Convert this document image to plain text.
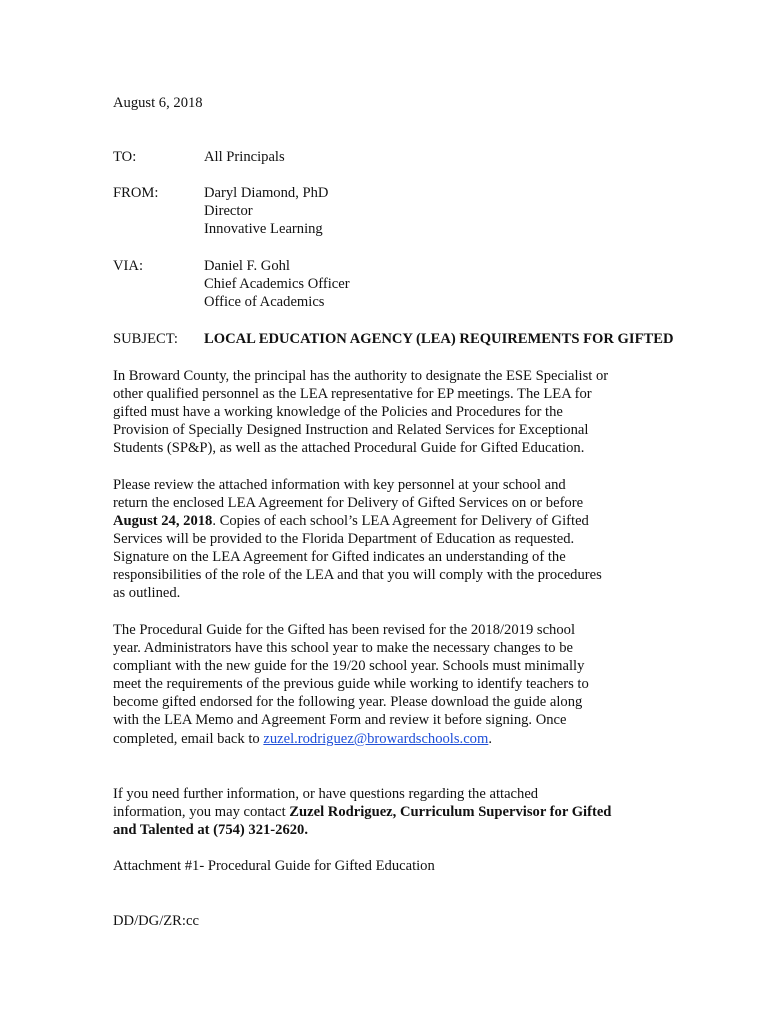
August 6, 2018
TO:	All Principals
FROM:	Daryl Diamond, PhD
Director
Innovative Learning
VIA:	Daniel F. Gohl
Chief Academics Officer
Office of Academics
SUBJECT: LOCAL EDUCATION AGENCY (LEA) REQUIREMENTS FOR GIFTED
In Broward County, the principal has the authority to designate the ESE Specialist or
other qualified personnel as the LEA representative for EP meetings. The LEA for
gifted must have a working knowledge of the Policies and Procedures for the
Provision of Specially Designed Instruction and Related Services for Exceptional
Students (SP&P), as well as the attached Procedural Guide for Gifted Education.
Please review the attached information with key personnel at your school and
return the enclosed LEA Agreement for Delivery of Gifted Services on or before
August 24, 2018. Copies of each school’s LEA Agreement for Delivery of Gifted
Services will be provided to the Florida Department of Education as requested.
Signature on the LEA Agreement for Gifted indicates an understanding of the
responsibilities of the role of the LEA and that you will comply with the procedures
as outlined.
The Procedural Guide for the Gifted has been revised for the 2018/2019 school
year. Administrators have this school year to make the necessary changes to be
compliant with the new guide for the 19/20 school year. Schools must minimally
meet the requirements of the previous guide while working to identify teachers to
become gifted endorsed for the following year. Please download the guide along
with the LEA Memo and Agreement Form and review it before signing. Once
completed, email back to zuzel.rodriguez@browardschools.com.
If you need further information, or have questions regarding the attached
information, you may contact Zuzel Rodriguez, Curriculum Supervisor for Gifted
and Talented at (754) 321-2620.
Attachment #1- Procedural Guide for Gifted Education
DD/DG/ZR:cc
